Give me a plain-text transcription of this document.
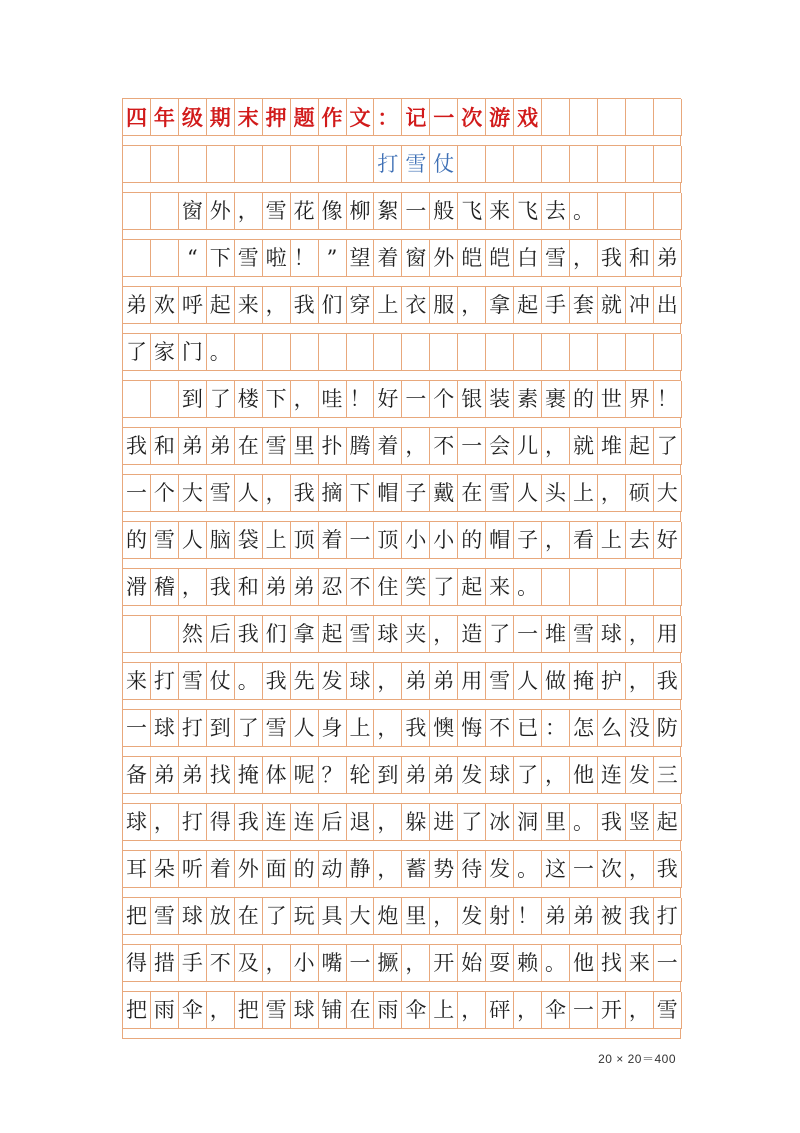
四 年 级 期 末 押 题 作 文 ： 记 一 次 游 戏
打 雪 仗
窗 外 ， 雪 花 像 柳 絮 一 般 飞 来 飞 去 。
“ 下 雪 啦 ！ ” 望 着 窗 外 皑 皑 白 雪 ， 我 和 弟
弟 欢 呼 起 来 ， 我 们 穿 上 衣 服 ， 拿 起 手 套 就 冲 出
了 家 门 。
到 了 楼 下 ， 哇 ！ 好 一 个 银 装 素 裹 的 世 界 ！
我 和 弟 弟 在 雪 里 扑 腾 着 ， 不 一 会 儿 ， 就 堆 起 了
一 个 大 雪 人 ， 我 摘 下 帽 子 戴 在 雪 人 头 上 ， 硕 大
的 雪 人 脑 袋 上 顶 着 一 顶 小 小 的 帽 子 ， 看 上 去 好
滑 稽 ， 我 和 弟 弟 忍 不 住 笑 了 起 来 。
然 后 我 们 拿 起 雪 球 夹 ， 造 了 一 堆 雪 球 ， 用
来 打 雪 仗 。 我 先 发 球 ， 弟 弟 用 雪 人 做 掩 护 ， 我
一 球 打 到 了 雪 人 身 上 ， 我 懊 悔 不 已 ： 怎 么 没 防
备 弟 弟 找 掩 体 呢 ？ 轮 到 弟 弟 发 球 了 ， 他 连 发 三
球 ， 打 得 我 连 连 后 退 ， 躲 进 了 冰 洞 里 。 我 竖 起
耳 朵 听 着 外 面 的 动 静 ， 蓄 势 待 发 。 这 一 次 ， 我
把 雪 球 放 在 了 玩 具 大 炮 里 ， 发 射 ！ 弟 弟 被 我 打
得 措 手 不 及 ， 小 嘴 一 撅 ， 开 始 耍 赖 。 他 找 来 一
把 雨 伞 ， 把 雪 球 铺 在 雨 伞 上 ， 砰 ， 伞 一 开 ， 雪
20 × 20＝400
